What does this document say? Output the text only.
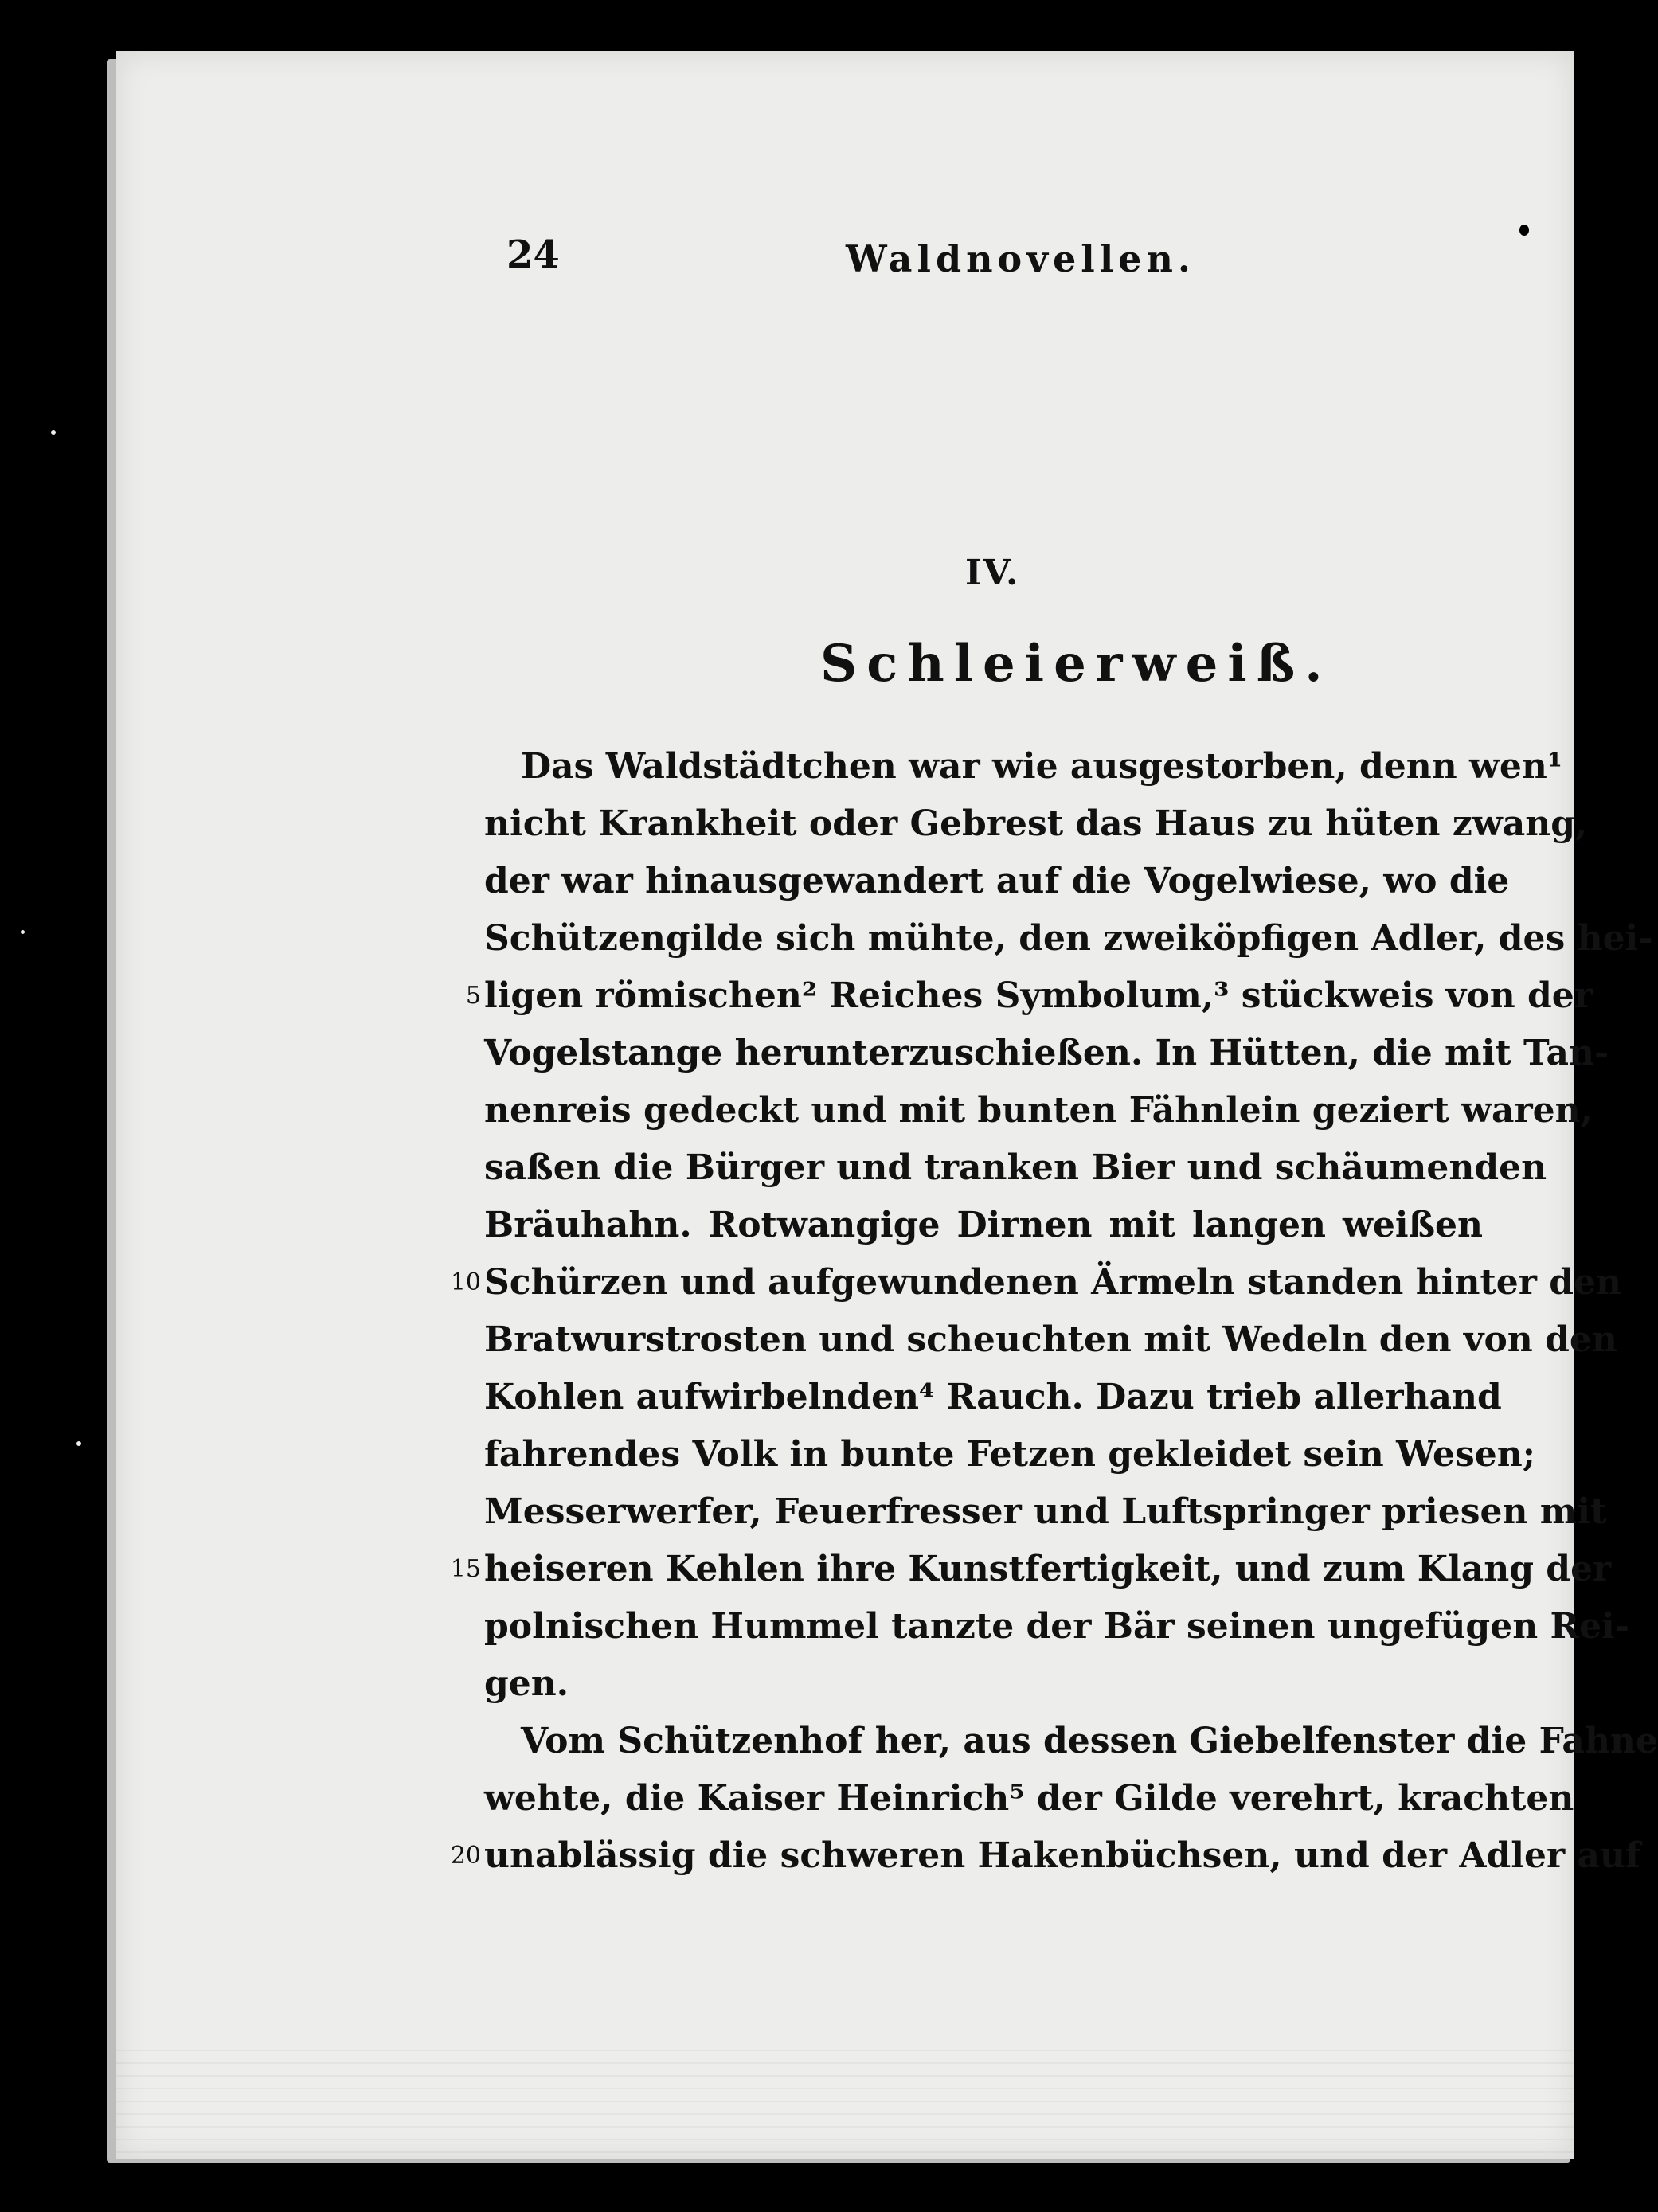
24	Waldnovellen.
IV.
Schleierweiß.
Das Waldstädtchen war wie ausgestorben, denn wen¹
nicht Krankheit oder Gebrest das Haus zu hüten zwang,
der war hinausgewandert auf die Vogelwiese, wo die
Schützengilde sich mühte, den zweiköpfigen Adler, des hei-
ligen römischen² Reiches Symbolum,³ stückweis von der
Vogelstange herunterzuschießen. In Hütten, die mit Tan-
nenreis gedeckt und mit bunten Fähnlein geziert waren,
saßen die Bürger und tranken Bier und schäumenden
Bräuhahn. Rotwangige Dirnen mit langen weißen
Schürzen und aufgewundenen Ärmeln standen hinter den
Bratwurstrosten und scheuchten mit Wedeln den von den
Kohlen aufwirbelnden⁴ Rauch. Dazu trieb allerhand
fahrendes Volk in bunte Fetzen gekleidet sein Wesen;
Messerwerfer, Feuerfresser und Luftspringer priesen mit
heiseren Kehlen ihre Kunstfertigkeit, und zum Klang der
polnischen Hummel tanzte der Bär seinen ungefügen Rei-
gen.
Vom Schützenhof her, aus dessen Giebelfenster die Fahne
wehte, die Kaiser Heinrich⁵ der Gilde verehrt, krachten
unablässig die schweren Hakenbüchsen, und der Adler auf
5
10
15
20
